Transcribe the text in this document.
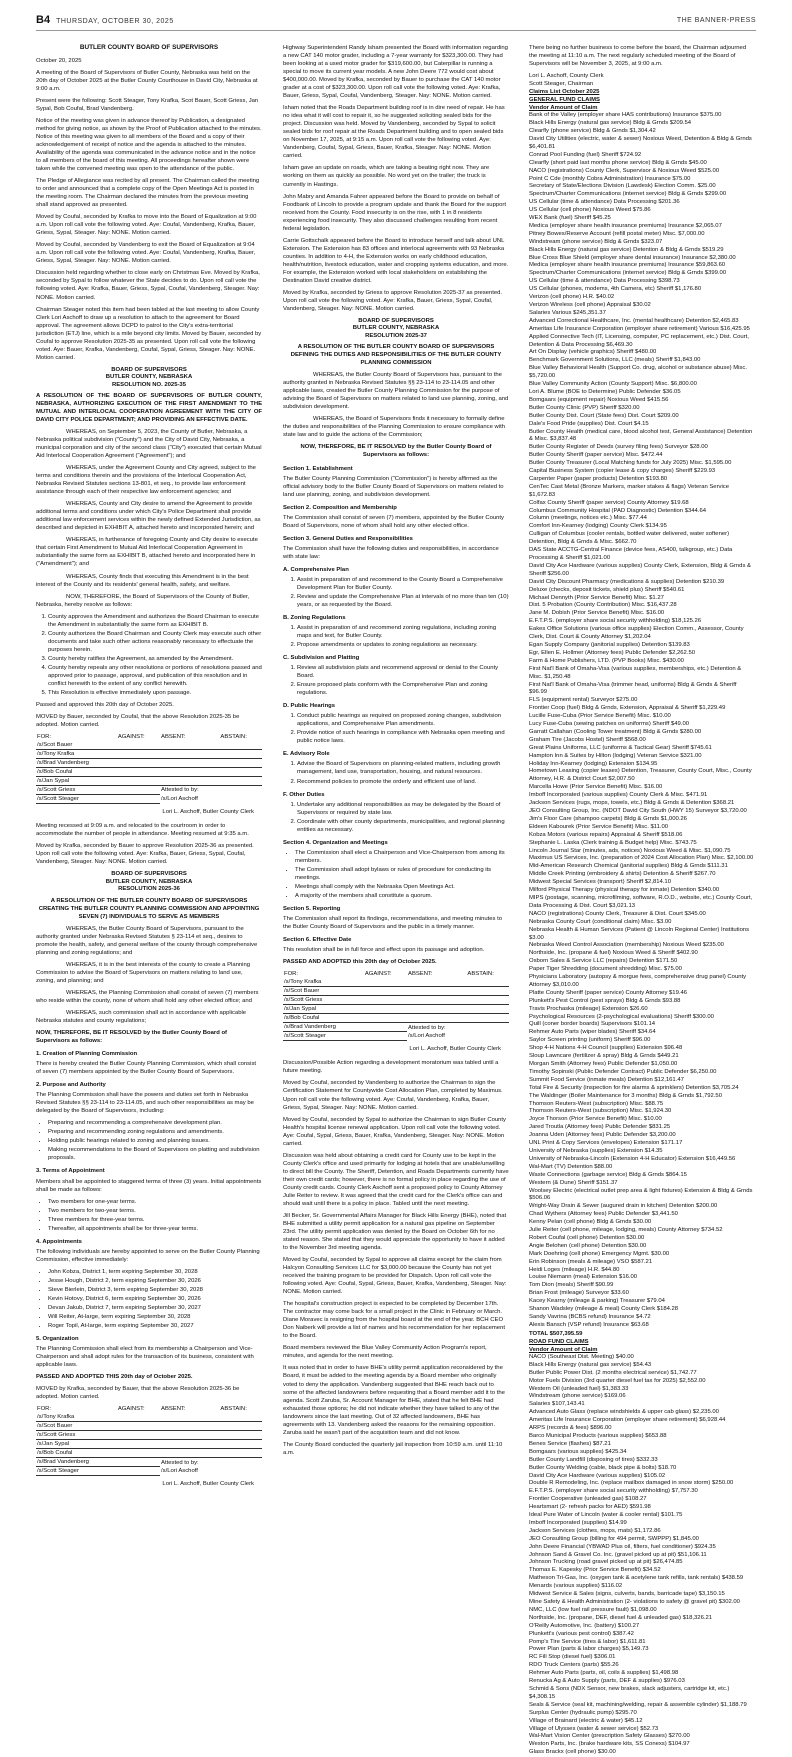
B4 THURSDAY, OCTOBER 30, 2025	THE BANNER-PRESS
BUTLER COUNTY BOARD OF SUPERVISORS

October 20, 2025

A meeting of the Board of Supervisors of Butler County, Nebraska was held on the 20th day of October 2025 at the Butler County Courthouse in David City, Nebraska at 9:00 a.m.

Present were the following: Scott Steager, Tony Krafka, Scot Bauer, Scott Griess, Jan Sypal, Bob Coufal, Brad Vandenberg.

Notice of the meeting was given in advance thereof by Publication, a designated method for giving notice, as shown by the Proof of Publication attached to the minutes. Notice of this meeting was given to all members of the Board and a copy of their acknowledgement of receipt of notice and the agenda is attached to the minutes. Availability of the agenda was communicated in the advance notice and in the notice to all members of the board of this meeting. All proceedings hereafter shown were taken while the convened meeting was open to the attendance of the public.

The Pledge of Allegiance was recited by all present. The Chairman called the meeting to order and announced that a complete copy of the Open Meetings Act is posted in the meeting room. The Chairman declared the minutes from the previous meeting shall stand approved as presented.

Moved by Coufal, seconded by Krafka to move into the Board of Equalization at 9:00 a.m. Upon roll call vote the following voted. Aye: Coufal, Vandenberg, Krafka, Bauer, Griess, Sypal, Steager. Nay: NONE. Motion carried.

Moved by Coufal, seconded by Vandenberg to exit the Board of Equalization at 9:04 a.m. Upon roll call vote the following voted. Aye: Coufal, Vandenberg, Krafka, Bauer, Griess, Sypal, Steager. Nay: NONE. Motion carried.

Discussion held regarding whether to close early on Christmas Eve. Moved by Krafka, seconded by Sypal to follow whatever the State decides to do. Upon roll call vote the following voted. Aye: Krafka, Bauer, Griess, Sypal, Coufal, Vandenberg, Steager. Nay: NONE. Motion carried.

Chairman Steager noted this item had been tabled at the last meeting to allow County Clerk Lori Aschoff to draw up a resolution to attach to the agreement for Board approval. The agreement allows DCPD to patrol to the City's extra-territorial jurisdiction (ETJ) line, which is a mile beyond city limits. Moved by Bauer, seconded by Coufal to approve Resolution 2025-35 as presented. Upon roll call vote the following voted. Aye: Bauer, Krafka, Vandenberg, Coufal, Sypal, Griess, Steager. Nay: NONE. Motion carried.

BOARD OF SUPERVISORS
BUTLER COUNTY, NEBRASKA
RESOLUTION NO. 2025-35

A RESOLUTION OF THE BOARD OF SUPERVISORS OF BUTLER COUNTY, NEBRASKA, AUTHORIZING EXECUTION OF THE FIRST AMENDMENT TO THE MUTUAL AND INTERLOCAL COOPERATION AGREEMENT WITH THE CITY OF DAVID CITY POLICE DEPARTMENT; AND PROVIDING AN EFFECTIVE DATE.

WHEREAS, on September 5, 2023, the County of Butler, Nebraska, a Nebraska political subdivision ("County") and the City of David City, Nebraska, a municipal corporation and city of the second class ("City") executed that certain Mutual Aid Interlocal Cooperation Agreement ("Agreement"); and

WHEREAS, under the Agreement County and City agreed, subject to the terms and conditions therein and the provisions of the Interlocal Cooperation Act, Nebraska Revised Statutes sections 13-801, et seq., to provide law enforcement assistance through each of their respective law enforcement agencies; and

WHEREAS, County and City desire to amend the Agreement to provide additional terms and conditions under which City's Police Department shall provide additional law enforcement services within the newly defined Extended Jurisdiction, as described and depicted in EXHIBIT A, attached hereto and incorporated herein; and

WHEREAS, in furtherance of foregoing County and City desire to execute that certain First Amendment to Mutual Aid Interlocal Cooperation Agreement in substantially the same form as EXHIBIT B, attached hereto and incorporated here in ("Amendment"); and

WHEREAS, County finds that executing this Amendment is in the best interest of the County and its residents' general health, safety, and welfare.

NOW, THEREFORE, the Board of Supervisors of the County of Butler, Nebraska, hereby resolve as follows:

1. County approves the Amendment and authorizes the Board Chairman to execute the Amendment in substantially the same form as EXHIBIT B.
2. County authorizes the Board Chairman and County Clerk may execute such other documents and take such other actions reasonably necessary to effectuate the purposes herein.
3. County hereby ratifies the Agreement, as amended by the Amendment.
4. County hereby repeals any other resolutions or portions of resolutions passed and approved prior to passage, approval, and publication of this resolution and in conflict herewith to the extent of any conflict herewith.
5. This Resolution is effective immediately upon passage.

Passed and approved this 20th day of October 2025.

MOVED by Bauer, seconded by Coufal, that the above Resolution 2025-35 be adopted. Motion carried.

FOR:	AGAINST:	ABSENT:	ABSTAIN:
/s/Scot Bauer			
/s/Tony Krafka			
/s/Brad Vandenberg			
/s/Bob Coufal			
/s/Jan Sypal			
/s/Scott Griess		Attested to by:	
/s/Scott Steager		/s/Lori Aschoff	
Lori L. Aschoff, Butler County Clerk

Meeting recessed at 9:09 a.m. and relocated to the courtroom in order to accommodate the number of people in attendance. Meeting resumed at 9:35 a.m.

Moved by Krafka, seconded by Bauer to approve Resolution 2025-36 as presented. Upon roll call vote the following voted. Aye: Krafka, Bauer, Griess, Sypal, Coufal, Vandenberg, Steager. Nay: NONE. Motion carried.

BOARD OF SUPERVISORS
BUTLER COUNTY, NEBRASKA
RESOLUTION 2025-36

A RESOLUTION OF THE BUTLER COUNTY BOARD OF SUPERVISORS CREATING THE BUTLER COUNTY PLANNING COMMISSION AND APPOINTING SEVEN (7) INDIVIDUALS TO SERVE AS MEMBERS

WHEREAS, the Butler County Board of Supervisors, pursuant to the authority granted under Nebraska Revised Statutes § 23-114 et seq., desires to promote the health, safety, and general welfare of the county through comprehensive planning and zoning regulations; and

WHEREAS, it is in the best interests of the county to create a Planning Commission to advise the Board of Supervisors on matters relating to land use, zoning, and planning; and

WHEREAS, the Planning Commission shall consist of seven (7) members who reside within the county, none of whom shall hold any other elected office; and

WHEREAS, such commission shall act in accordance with applicable Nebraska statutes and county regulations;

NOW, THEREFORE, BE IT RESOLVED by the Butler County Board of Supervisors as follows:

1. Creation of Planning Commission

There is hereby created the Butler County Planning Commission, which shall consist of seven (7) members appointed by the Butler County Board of Supervisors.

2. Purpose and Authority

The Planning Commission shall have the powers and duties set forth in Nebraska Revised Statutes §§ 23-114 to 23-114.05, and such other responsibilities as may be delegated by the Board of Supervisors, including:

• Preparing and recommending a comprehensive development plan.
• Preparing and recommending zoning regulations and amendments.
• Holding public hearings related to zoning and planning issues.
• Making recommendations to the Board of Supervisors on platting and subdivision proposals.
3. Terms of Appointment

Members shall be appointed to staggered terms of three (3) years. Initial appointments shall be made as follows:

• Two members for one-year terms.
• Two members for two-year terms.
• Three members for three-year terms.
• Thereafter, all appointments shall be for three-year terms.
4. Appointments

The following individuals are hereby appointed to serve on the Butler County Planning Commission, effective immediately:

• John Kobza, District 1, term expiring September 30, 2028
• Jesse Hough, District 2, term expiring September 30, 2026
• Steve Bierlein, District 3, term expiring September 30, 2028
• Kevin Hotovy, District 6, term expiring September 30, 2026
• Devan Jakub, District 7, term expiring September 30, 2027
• Will Reiter, At-large, term expiring September 30, 2028
• Roger Topil, At-large, term expiring September 30, 2027
5. Organization

The Planning Commission shall elect from its membership a Chairperson and Vice-Chairperson and shall adopt rules for the transaction of its business, consistent with applicable laws.

PASSED AND ADOPTED THIS 20th day of October 2025.

MOVED by Krafka, seconded by Bauer, that the above Resolution 2025-36 be adopted. Motion carried.

FOR:	AGAINST:	ABSENT:	ABSTAIN:
/s/Tony Krafka			
/s/Scot Bauer			
/s/Scott Griess			
/s/Jan Sypal			
/s/Bob Coufal			
/s/Brad Vandenberg		Attested to by:	
/s/Scott Steager		/s/Lori Aschoff	
Lori L. Aschoff, Butler County Clerk

Highway Superintendent Randy Isham presented the Board with information regarding a new CAT 140 motor grader, including a 7-year warranty for $323,300.00. They had been looking at a used motor grader for $319,600.00, but Caterpillar is running a special to move its current year models. A new John Deere 772 would cost about $400,000.00. Moved by Krafka, seconded by Bauer to purchase the CAT 140 motor grader at a cost of $323,300.00. Upon roll call vote the following voted. Aye: Krafka, Bauer, Griess, Sypal, Coufal, Vandenberg, Steager. Nay: NONE. Motion carried.

Isham noted that the Roads Department building roof is in dire need of repair. He has no idea what it will cost to repair it, so he suggested soliciting sealed bids for the project. Discussion was held. Moved by Vandenberg, seconded by Sypal to solicit sealed bids for roof repair at the Roads Department building and to open sealed bids on November 17, 2025, at 9:15 a.m. Upon roll call vote the following voted. Aye: Vandenberg, Coufal, Sypal, Griess, Bauer, Krafka, Steager. Nay: NONE. Motion carried.

Isham gave an update on roads, which are taking a beating right now. They are working on them as quickly as possible. No word yet on the trailer; the truck is currently in Hastings.

John Mabry and Amanda Fahrer appeared before the Board to provide on behalf of Foodbank of Lincoln to provide a program update and thank the Board for the support received from the County. Food insecurity is on the rise, with 1 in 8 residents experiencing food insecurity. They also discussed challenges resulting from recent federal legislation.

Carrie Gottschalk appeared before the Board to introduce herself and talk about UNL Extension. The Extension has 83 offices and interlocal agreements with 93 Nebraska counties. In addition to 4-H, the Extension works on early childhood education, health/nutrition, livestock education, water and cropping systems education, and more. For example, the Extension worked with local stakeholders on establishing the Destination David creative district.

Moved by Krafka, seconded by Griess to approve Resolution 2025-37 as presented. Upon roll call vote the following voted. Aye: Krafka, Bauer, Griess, Sypal, Coufal, Vandenberg, Steager. Nay: NONE. Motion carried.

BOARD OF SUPERVISORS
BUTLER COUNTY, NEBRASKA
RESOLUTION 2025-37

A RESOLUTION OF THE BUTLER COUNTY BOARD OF SUPERVISORS DEFINING THE DUTIES AND RESPONSIBILITIES OF THE BUTLER COUNTY PLANNING COMMISSION

WHEREAS, the Butler County Board of Supervisors has, pursuant to the authority granted in Nebraska Revised Statutes §§ 23-114 to 23-114.05 and other applicable laws, created the Butler County Planning Commission for the purpose of advising the Board of Supervisors on matters related to land use planning, zoning, and subdivision development.

WHEREAS, the Board of Supervisors finds it necessary to formally define the duties and responsibilities of the Planning Commission to ensure compliance with state law and to guide the actions of the Commission;

NOW, THEREFORE, BE IT RESOLVED by the Butler County Board of Supervisors as follows:

Section 1. Establishment

The Butler County Planning Commission ("Commission") is hereby affirmed as the official advisory body to the Butler County Board of Supervisors on matters related to land use planning, zoning, and subdivision development.

Section 2. Composition and Membership

The Commission shall consist of seven (7) members, appointed by the Butler County Board of Supervisors, none of whom shall hold any other elected office.

Section 3. General Duties and Responsibilities

The Commission shall have the following duties and responsibilities, in accordance with state law:

A. Comprehensive Plan
1. Assist in preparation of and recommend to the County Board a Comprehensive Development Plan for Butler County.
2. Review and update the Comprehensive Plan at intervals of no more than ten (10) years, or as requested by the Board.
B. Zoning Regulations
1. Assist in preparation of and recommend zoning regulations, including zoning maps and text, for Butler County.
2. Propose amendments or updates to zoning regulations as necessary.
C. Subdivision and Platting
1. Review all subdivision plats and recommend approval or denial to the County Board.
2. Ensure proposed plats conform with the Comprehensive Plan and zoning regulations.
D. Public Hearings
1. Conduct public hearings as required on proposed zoning changes, subdivision applications, and Comprehensive Plan amendments.
2. Provide notice of such hearings in compliance with Nebraska open meeting and public notice laws.
E. Advisory Role
1. Advise the Board of Supervisors on planning-related matters, including growth management, land use, transportation, housing, and natural resources.
2. Recommend policies to promote the orderly and efficient use of land.
F. Other Duties
1. Undertake any additional responsibilities as may be delegated by the Board of Supervisors or required by state law.
2. Coordinate with other county departments, municipalities, and regional planning entities as necessary.
Section 4. Organization and Meetings
• The Commission shall elect a Chairperson and Vice-Chairperson from among its members.
• The Commission shall adopt bylaws or rules of procedure for conducting its meetings.
• Meetings shall comply with the Nebraska Open Meetings Act.
• A majority of the members shall constitute a quorum.
Section 5. Reporting

The Commission shall report its findings, recommendations, and meeting minutes to the Butler County Board of Supervisors and the public in a timely manner.

Section 6. Effective Date

This resolution shall be in full force and effect upon its passage and adoption.

PASSED AND ADOPTED this 20th day of October 2025.

FOR:	AGAINST:	ABSENT:	ABSTAIN:
/s/Tony Krafka			
/s/Scot Bauer			
/s/Scott Griess			
/s/Jan Sypal			
/s/Bob Coufal			
/s/Brad Vandenberg		Attested to by:	
/s/Scott Steager		/s/Lori Aschoff	
Lori L. Aschoff, Butler County Clerk

Discussion/Possible Action regarding a development moratorium was tabled until a future meeting.

Moved by Coufal, seconded by Vandenberg to authorize the Chairman to sign the Certification Statement for Countywide Cost Allocation Plan, completed by Maximus. Upon roll call vote the following voted. Aye: Coufal, Vandenberg, Krafka, Bauer, Griess, Sypal, Steager. Nay: NONE. Motion carried.

Moved by Coufal, seconded by Sypal to authorize the Chairman to sign Butler County Health's hospital license renewal application. Upon roll call vote the following voted. Aye: Coufal, Sypal, Griess, Bauer, Krafka, Vandenberg, Steager. Nay: NONE. Motion carried.

Discussion was held about obtaining a credit card for County use to be kept in the County Clerk's office and used primarily for lodging at hotels that are unable/unwilling to direct bill the County. The Sheriff, Detention, and Roads Departments currently have their own credit cards; however, there is no formal policy in place regarding the use of County credit cards. County Clerk Aschoff sent a proposed policy to County Attorney Julie Reiter to review. It was agreed that the credit card for the Clerk's office can and should wait until there is a policy in place. Tabled until the next meeting.

Jill Becker, Sr. Governmental Affairs Manager for Black Hills Energy (BHE), noted that BHE submitted a utility permit application for a natural gas pipeline on September 23rd. The utility permit application was denied by the Board on October 6th for no stated reason. She stated that they would appreciate the opportunity to have it added to the November 3rd meeting agenda.

Moved by Coufal, seconded by Sypal to approve all claims except for the claim from Halcyon Consulting Services LLC for $3,000.00 because the County has not yet received the training program to be provided for Dispatch. Upon roll call vote the following voted. Aye: Coufal, Sypal, Griess, Bauer, Krafka, Vandenberg, Steager. Nay: NONE. Motion carried.

The hospital's construction project is expected to be completed by December 17th. The contractor may come back for a small project in the Clinic in February or March. Diane Moravec is resigning from the hospital board at the end of the year. BCH CEO Don Naiberk will provide a list of names and his recommendation for her replacement to the Board.

Board members reviewed the Blue Valley Community Action Program's report, minutes, and agenda for the next meeting.

It was noted that in order to have BHE's utility permit application reconsidered by the Board, it must be added to the meeting agenda by a Board member who originally voted to deny the application. Vandenberg suggested that BHE reach back out to some of the affected landowners before requesting that a Board member add it to the agenda. Scott Zaruba, Sr. Account Manager for BHE, stated that he felt BHE had exhausted those options; he did not indicate whether they have talked to any of the landowners since the last meeting. Out of 32 affected landowners, BHE has agreements with 13. Vandenberg asked the reasons for the remaining opposition. Zaruba said he wasn't part of the acquisition team and did not know.

The County Board conducted the quarterly jail inspection from 10:59 a.m. until 11:10 a.m.

There being no further business to come before the board, the Chairman adjourned the meeting at 11:10 a.m. The next regularly scheduled meeting of the Board of Supervisors will be November 3, 2025, at 9:00 a.m.

Lori L. Aschoff, County Clerk
Scott Steager, Chairman
Claims List October 2025
GENERAL FUND CLAIMS
Vendor Amount of Claim
Bank of the Valley (employer share HAS contributions) Insurance $375.00
Black Hills Energy (natural gas service) Bldg & Grnds $209.54
Clearfly (phone service) Bldg & Grnds $1,304.42
David City Utilities (electric, water & sewer) Noxious Weed, Detention & Bldg & Grnds $6,401.81
Conrad Pool Funding (fuel) Sheriff $724.92
Clearfly (short paid last months phone service) Bldg & Grnds $45.00
NACO (registrations) County Clerk, Supervisor & Noxious Weed $525.00
Point C Cde (monthly Cobra Administration) Insurance $75.00
Secretary of State/Elections Division (Lawdesk) Election Comm. $25.00
Spectrum/Charter Communications (internet service) Bldg & Grnds $299.00
US Cellular (time & attendance) Data Processing $201.36
US Cellular (cell phone) Noxious Weed $75.86
WEX Bank (fuel) Sheriff $45.25
Medica (employer share health insurance premiums) Insurance $2,065.07
Pitney Bowes/Reserve Account (refill postal meter) Misc. $7,000.00
Windstream (phone service) Bldg & Grnds $323.07
Black Hills Energy (natural gas service) Detention & Bldg & Grnds $519.29
Blue Cross Blue Shield (employer share dental insurance) Insurance $2,380.00
Medica (employer share health insurance premiums) Insurance $59,863.60
Spectrum/Charter Communications (internet service) Bldg & Grnds $399.00
US Cellular (time & attendance) Data Processing $398.73
US Cellular (phones, modems, 4th Camera, etc) Sheriff $1,176.80
Verizon (cell phone) H.R. $40.02
Verizon Wireless (cell phone) Appraisal $30.02
Salaries Various $245,351.37
Advanced Correctional Healthcare, Inc. (mental healthcare) Detention $2,465.83
Ameritas Life Insurance Corporation (employer share retirement) Various $16,425.95
Applied Connective Tech (IT, Licensing, computer, PC replacement, etc.) Dist. Court, Detention & Data Processing $6,469.30
Art On Display (vehicle graphics) Sheriff $480.00
Benchmark Government Solutions, LLC (meals) Sheriff $1,843.00
Blue Valley Behavioral Health (Support Co. drug, alcohol or substance abuse) Misc. $5,720.00
Blue Valley Community Action (County Support) Misc. $6,800.00
Lori A. Blume (BOE to Determine) Public Defender $36.05
Bomgaars (equipment repair) Noxious Weed $415.56
Butler County Clinic (PVP) Sheriff $320.00
Butler County Dist. Court (State fees) Dist. Court $209.00
Dale's Food Pride (supplies) Dist. Court $4.15
Butler County Health (medical care, blood alcohol test, General Assistance) Detention & Misc. $3,837.48
Butler County Register of Deeds (survey filing fees) Surveyor $28.00
Butler County Sheriff (paper service) Misc. $472.44
Butler County Treasurer (Local Matching funds for July 2025) Misc. $1,595.00
Capital Business System (copier lease & copy charges) Sheriff $229.93
Carpenter Paper (paper products) Detention $193.80
CenTec Cast Metal (Bronze Markers, marker stakes & flags) Veteran Service $1,672.83
Colfax County Sheriff (paper service) County Attorney $19.68
Columbus Community Hospital (PAD Diagnostic) Detention $344.64
Column (meetings, notices etc.) Misc. $77.44
Comfort Inn-Kearney (lodging) County Clerk $134.95
Culligan of Columbus (cooler rentals, bottled water delivered, water softener) Detention, Bldg & Grnds & Misc. $662.70
DAS State ACCTG-Central Finance (device fees, AS400, talkgroup, etc.) Data Processing & Sheriff $1,021.00
David City Ace Hardware (various supplies) County Clerk, Extension, Bldg & Grnds & Sheriff $256.00
David City Discount Pharmacy (medications & supplies) Detention $210.39
Deluxe (checks, deposit tickets, shield plus) Sheriff $540.61
Michael Dennyth (Prior Service Benefit) Misc. $1.27
Dist. 5 Probation (County Contribution) Misc. $16,437.28
Jane M. Dobish (Prior Service Benefit) Misc. $16.00
E.F.T.P.S. (employer share social security withholding) $18,125.26
Eakes Office Solutions (various office supplies) Election Comm., Assessor, County Clerk, Dist. Court & County Attorney $1,202.04
Egan Supply Company (janitorial supplies) Detention $139.83
Egr, Ellen E. Hollmer (Attorney fees) Public Defender $2,262.50
Farm & Home Publishers, LTD. (PVP Books) Misc. $430.00
First Nat'l Bank of Omaha-Visa (various supplies, memberships, etc.) Detention & Misc. $1,250.48
First Nat'l Bank of Omaha-Visa (trimmer head, uniforms) Bldg & Grnds & Sheriff $96.99
FLS (equipment rental) Surveyor $275.00
Frontier Coop (fuel) Bldg & Grnds, Extension, Appraisal & Sheriff $1,229.49
Lucille Fuse-Cuba (Prior Service Benefit) Misc. $10.00
Lucy Fuse-Cuba (sewing patches on uniforms) Sheriff $49.00
Garratt Callahan (Cooling Tower treatment) Bldg & Grnds $280.00
Graham Tire (Jacobs Hostel) Sheriff $568.00
Great Plains Uniforms, LLC (uniforms & Tactical Gear) Sheriff $745.61
Hampton Inn & Suites by Hilton (lodging) Veteran Service $321.00
Holiday Inn-Kearney (lodging) Extension $134.95
Hometown Leasing (copier leases) Detention, Treasurer, County Court, Misc., County Attorney, H.R. & District Court $2,007.50
Marcella Howe (Prior Service Benefit) Misc. $16.00
Imboff Incorporated (various supplies) County Clerk & Misc. $471.91
Jackson Services (rugs, mops, towels, etc.) Bldg & Grnds & Detention $368.21
JEO Consulting Group, Inc. (NDOT David City South (HWY 15) Surveyor $3,720.00
Jim's Floor Care (shampoo carpets) Bldg & Grnds $1,000.26
Eldeen Kabourek (Prior Service Benefit) Misc. $11.00
Kobza Motors (various repairs) Appraisal & Sheriff $518.06
Stephanie L. Laska (Clerk training & Budget help) Misc. $743.75
Lincoln Journal Star (minutes, ads, notices) Noxious Weed & Misc. $1,090.75
Maximus US Services, Inc. (preparation of 2024 Cost Allocation Plan) Misc. $2,100.00
Mid-American Research Chemical (janitorial supplies) Bldg & Grnds $111.31
Middle Creek Printing (embroidery & shirts) Detention & Sheriff $267.70
Midwest Special Services (transport) Sheriff $2,814.10
Milford Physical Therapy (physical therapy for inmate) Detention $340.00
MIPS (postage, scanning, microfilming, software, R.O.D., website, etc.) County Court, Data Processing & Dist. Court $3,021.13
NACO (registrations) County Clerk, Treasurer & Dist. Court $345.00
Nebraska County Court (conditional claim) Misc. $3.00
Nebraska Health & Human Services (Patient @ Lincoln Regional Center) Institutions $3.00
Nebraska Weed Control Association (membership) Noxious Weed $235.00
Northside, Inc. (propane & fuel) Noxious Weed & Sheriff $402.90
Osborn Sales & Service LLC (repairs) Detention $171.50
Paper Tiger Shredding (document shredding) Misc. $75.00
Physicians Laboratory (autopsy & morgue fees, comprehensive drug panel) County Attorney $3,010.00
Platte County Sheriff (paper service) County Attorney $19.46
Plunkett's Pest Control (pest sprays) Bldg & Grnds $93.88
Travis Prochaska (mileage) Extension $26.60
Psychological Resources (2-psychological evaluations) Sheriff $300.00
Quill (coner border boards) Supervisors $101.14
Rehmer Auto Parts (wiper blades) Sheriff $34.64
Saylor Screen printing (uniform) Sheriff $96.00
Shop 4-H Nations 4-H Council (supplies) Extension $96.48
Sloup Lawncare (fertilizer & spray) Bldg & Grnds $449.21
Morgan Smith (Attorney fees) Public Defender $1,050.00
Timothy Sopinski (Public Defender Contract) Public Defender $6,250.00
Summit Food Service (inmate meals) Detention $12,161.47
Total Fire & Security (inspection for fire alarms & sprinklers) Detention $3,705.24
The Waldinger (Boiler Maintenance for 3 months) Bldg & Grnds $1,792.50
Thomson Reuters-West (subscription) Misc. $88.75
Thomson Reuters-West (subscription) Misc. $1,924.30
Joyce Thorson (Prior Service Benefit) Misc. $10.00
Jared Troutla (Attorney fees) Public Defender $831.25
Joanna Uden (Attorney fees) Public Defender $3,200.00
UNL Print & Copy Services (envelopes) Extension $171.17
University of Nebraska (supplies) Extension $14.35
University of Nebraska-Lincoln (Extension 4-H Educator) Extension $16,449.56
Wal-Mart (TV) Detention $88.00
Waste Connections (garbage service) Bldg & Grnds $864.15
Western (& Dune) Sheriff $151.37
Woolsey Electric (electrical outlet prep area & light fixtures) Extension & Bldg & Grnds $506.06
Wright-Way Drain & Sewer (augured drain in kitchen) Detention $200.00
Chad Wythers (Attorney fees) Public Defender $3,441.50
Kenny Pelan (cell phone) Bldg & Grnds $30.00
Julie Reiter (cell phone, mileage, lodging, meals) County Attorney $734.52
Robert Coufal (cell phone) Detention $30.00
Angie Belohen (cell phone) Detention $30.00
Mark Doehring (cell phone) Emergency Mgmt. $30.00
Erin Robinson (meals & mileage) VSO $587.21
Heidi Loges (mileage) H.R. $44.80
Louise Niemann (meal) Extension $16.00
Tom Dion (meals) Sheriff $90.99
Brian Frost (mileage) Surveyor $33.60
Kacey Kearny (mileage & parking) Treasurer $79.04
Shanon Wadsley (mileage & meal) County Clerk $184.28
Sandy Vavrina (BCBS refund) Insurance $4.72
Alexis Bansch (VSP refund) Insurance $63.68
TOTAL $507,395.59
ROAD FUND CLAIMS
Vendor Amount of Claim
NACO (Southeast Dist. Meeting) $40.00
Black Hills Energy (natural gas service) $54.43
Butler Public Power Dist. (2 months electrical service) $1,742.77
Motor Fuels Division (3rd quarter diesel fuel tax for 2025) $2,552.00
Western Oil (unleaded fuel) $1,383.33
Windstream (phone service) $169.06
Salaries $107,143.41
Advanced Auto Glass (replace windshields & upper cab glass) $2,235.00
Ameritas Life Insurance Corporation (employer share retirement) $6,928.44
ARPS (records & fees) $896.00
Barco Municipal Products (various supplies) $653.88
Benes Service (flashes) $87.21
Bomgaars (various supplies) $425.34
Butler County Landfill (disposing of tires) $332.33
Butler County Welding (cable, black pipe & bolts) $18.70
David City Ace Hardware (various supplies) $105.02
Double R Remodeling, Inc. (replace mailbox damaged in snow storm) $250.00
E.F.T.P.S. (employer share social security withholding) $7,757.30
Frontier Cooperative (unleaded gas) $108.27
Heartsmart (2- refresh packs for AED) $591.98
Ideal Pure Water of Lincoln (water & cooler rental) $101.75
Imboff Incorporated (supplies) $14.99
Jackson Services (clothes, mops, mats) $1,172.86
JEO Consulting Group (billing for 494 permit, SWPPP) $1,845.00
John Deere Financial (YBWAD Plus oil, filters, fuel conditioner) $924.35
Johnson Sand & Gravel Co. Inc. (gravel picked up at pit) $51,106.11
Johnson Trucking (road gravel picked up at pit) $26,474.85
Thomas E. Kapesky (Prior Service Benefit) $34.52
Matheson Tri-Gas, Inc. (oxygen tank & acetylene tank refills, tank rentals) $438.59
Menards (various supplies) $116.02
Midwest Service & Sales (signs, culverts, bands, barricade tape) $3,150.15
Mine Safety & Health Administration (2- violations to safety @ gravel pit) $302.00
NMC, LLC (low fuel rail pressure fault) $1,098.00
Northside, Inc. (propane, DEF, diesel fuel & unleaded gas) $18,326.21
O'Reilly Automotive, Inc. (battery) $100.27
Plunkett's (various pest control) $387.42
Pomp's Tire Service (tires & labor) $1,611.81
Power Plan (parts & labor charges) $5,149.73
RC Fill Stop (diesel fuel) $306.01
RDO Truck Centers (parts) $55.26
Rehmer Auto Parts (parts, oil, coils & supplies) $1,498.98
Renucka Ag & Auto Supply (parts, DEF & supplies) $976.03
Schmid & Sons (NDX Sensor, new brakes, slack adjusters, cartridge kit, etc.) $4,308.15
Seals & Service (seal kit, machining/welding, repair & assemble cylinder) $1,188.79
Surplus Center (hydraulic pump) $295.70
Village of Brainard (electric & water) $45.12
Village of Ulysses (water & sewer service) $52.73
Wal-Mart Vision Center (prescription Safety Glasses) $270.00
Weston Parts, Inc. (brake hardware kits, SS Conexs) $104.97
Glass Brackx (cell phone) $30.00
